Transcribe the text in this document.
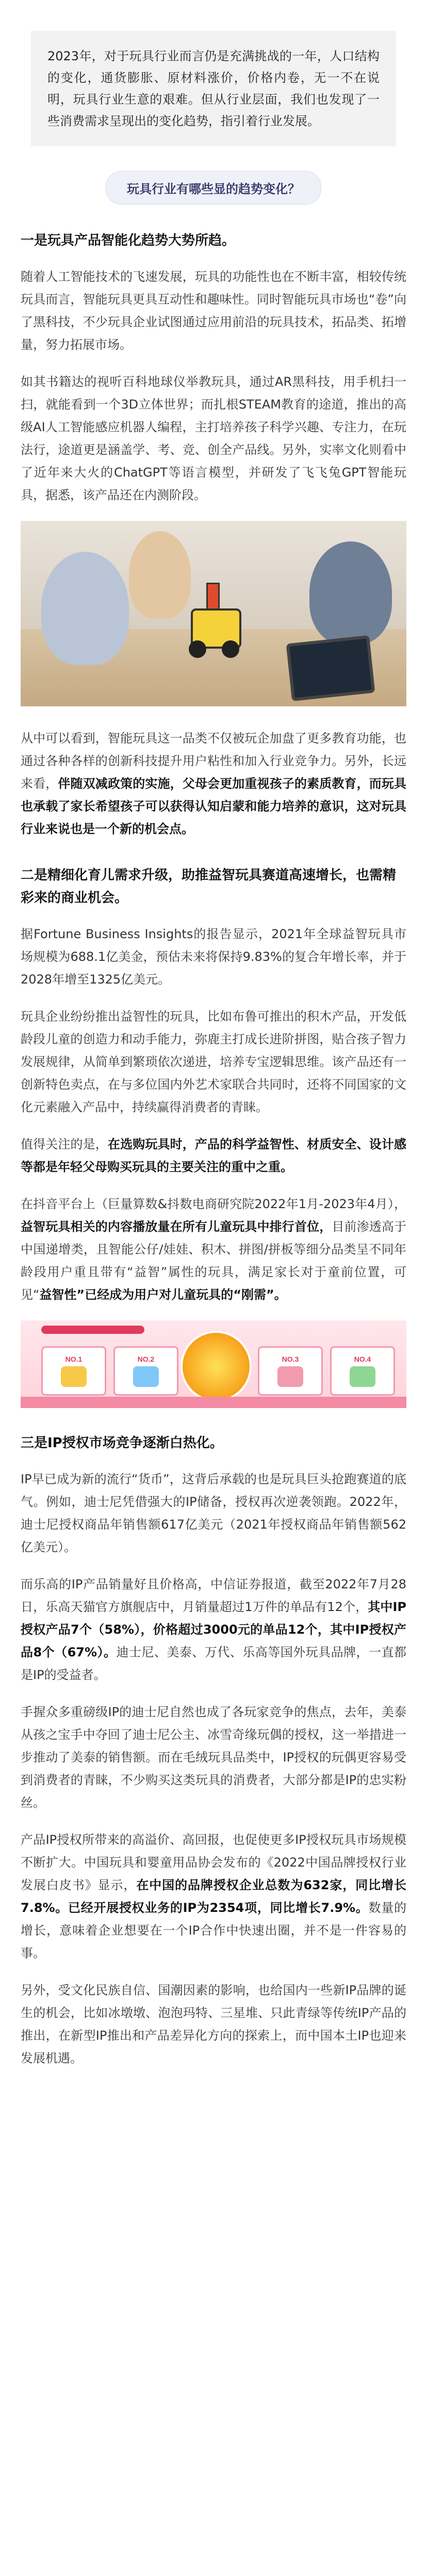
2023年，对于玩具行业而言仍是充满挑战的一年，人口结构的变化，通货膨胀、原材料涨价，价格内卷，无一不在说明，玩具行业生意的艰难。但从行业层面，我们也发现了一些消费需求呈现出的变化趋势，指引着行业发展。
玩具行业有哪些显的趋势变化？
一是玩具产品智能化趋势大势所趋。

随着人工智能技术的飞速发展，玩具的功能性也在不断丰富，相较传统玩具而言，智能玩具更具互动性和趣味性。同时智能玩具市场也“卷”向了黑科技，不少玩具企业试图通过应用前沿的玩具技术，拓品类、拓增量，努力拓展市场。

如其书籍达的视听百科地球仪举教玩具，通过AR黑科技，用手机扫一扫，就能看到一个3D立体世界；而扎根STEAM教育的途道，推出的高级AI人工智能感应机器人编程，主打培养孩子科学兴趣、专注力，在玩法行，途道更是涵盖学、考、竞、创全产品线。另外，实率文化则看中了近年来大火的ChatGPT等语言模型，并研发了飞飞兔GPT智能玩具，据悉，该产品还在内测阶段。

从中可以看到，智能玩具这一品类不仅被玩企加盘了更多教育功能，也通过各种各样的创新科技提升用户粘性和加入行业竞争力。另外，长远来看，伴随双减政策的实施，父母会更加重视孩子的素质教育，而玩具也承载了家长希望孩子可以获得认知启蒙和能力培养的意识，这对玩具行业来说也是一个新的机会点。

二是精细化育儿需求升级，助推益智玩具赛道高速增长，也需精彩来的商业机会。

据Fortune Business Insights的报告显示，2021年全球益智玩具市场规模为688.1亿美金，预估未来将保持9.83%的复合年增长率，并于2028年增至1325亿美元。

玩具企业纷纷推出益智性的玩具，比如布鲁可推出的积木产品，开发低龄段儿童的创造力和动手能力，弥鹿主打成长进阶拼图，贴合孩子智力发展规律，从简单到繁琐依次递进，培养专宝逻辑思维。该产品还有一创新特色卖点，在与多位国内外艺术家联合共同时，还将不同国家的文化元素融入产品中，持续赢得消费者的青睐。

值得关注的是，在选购玩具时，产品的科学益智性、材质安全、设计感等都是年轻父母购买玩具的主要关注的重中之重。

在抖音平台上（巨量算数&抖数电商研究院2022年1月-2023年4月），益智玩具相关的内容播放量在所有儿童玩具中排行首位，目前渗透高于中国递增类，且智能公仔/娃娃、积木、拼图/拼板等细分品类呈不同年龄段用户重且带有“益智”属性的玩具，满足家长对于童前位置，可见“益智性”已经成为用户对儿童玩具的“刚需”。

NO.1	NO.2	NO.3	NO.4
三是IP授权市场竞争逐渐白热化。

IP早已成为新的流行“货币”，这背后承载的也是玩具巨头抢跑赛道的底气。例如，迪士尼凭借强大的IP储备，授权再次逆袭领跑。2022年，迪士尼授权商品年销售额617亿美元（2021年授权商品年销售额562亿美元）。

而乐高的IP产品销量好且价格高，中信证券报道，截至2022年7月28日，乐高天猫官方旗舰店中，月销量超过1万件的单品有12个，其中IP授权产品7个（58%），价格超过3000元的单品12个，其中IP授权产品8个（67%）。迪士尼、美泰、万代、乐高等国外玩具品牌，一直都是IP的受益者。

手握众多重磅级IP的迪士尼自然也成了各玩家竞争的焦点，去年，美泰从孩之宝手中夺回了迪士尼公主、冰雪奇缘玩偶的授权，这一举措进一步推动了美泰的销售额。而在毛绒玩具品类中，IP授权的玩偶更容易受到消费者的青睐，不少购买这类玩具的消费者，大部分都是IP的忠实粉丝。

产品IP授权所带来的高溢价、高回报，也促使更多IP授权玩具市场规模不断扩大。中国玩具和婴童用品协会发布的《2022中国品牌授权行业发展白皮书》显示，在中国的品牌授权企业总数为632家，同比增长7.8%。已经开展授权业务的IP为2354项，同比增长7.9%。数量的增长，意味着企业想要在一个IP合作中快速出圈，并不是一件容易的事。

另外，受文化民族自信、国潮因素的影响，也给国内一些新IP品牌的诞生的机会，比如冰墩墩、泡泡玛特、三星堆、只此青绿等传统IP产品的推出，在新型IP推出和产品差异化方向的探索上，而中国本土IP也迎来发展机遇。
